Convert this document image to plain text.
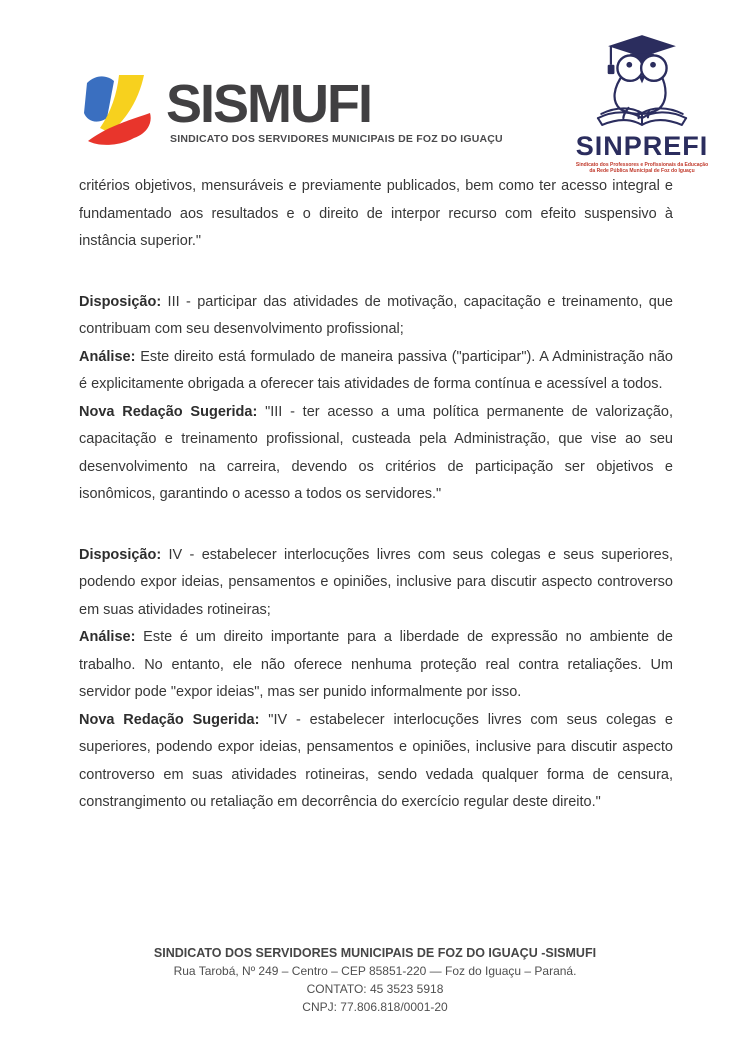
SISMUFI
SINDICATO DOS SERVIDORES MUNICIPAIS DE FOZ DO IGUAÇU	SINPREFI
Sindicato dos Professores e Profissionais da Educação
da Rede Pública Municipal de Foz do Iguaçu

critérios objetivos, mensuráveis e previamente publicados, bem como ter acesso integral e fundamentado aos resultados e o direito de interpor recurso com efeito suspensivo à instância superior."

Disposição: III - participar das atividades de motivação, capacitação e treinamento, que contribuam com seu desenvolvimento profissional;

Análise: Este direito está formulado de maneira passiva ("participar"). A Administração não é explicitamente obrigada a oferecer tais atividades de forma contínua e acessível a todos.

Nova Redação Sugerida: "III - ter acesso a uma política permanente de valorização, capacitação e treinamento profissional, custeada pela Administração, que vise ao seu desenvolvimento na carreira, devendo os critérios de participação ser objetivos e isonômicos, garantindo o acesso a todos os servidores."

Disposição: IV - estabelecer interlocuções livres com seus colegas e seus superiores, podendo expor ideias, pensamentos e opiniões, inclusive para discutir aspecto controverso em suas atividades rotineiras;

Análise: Este é um direito importante para a liberdade de expressão no ambiente de trabalho. No entanto, ele não oferece nenhuma proteção real contra retaliações. Um servidor pode "expor ideias", mas ser punido informalmente por isso.

Nova Redação Sugerida: "IV - estabelecer interlocuções livres com seus colegas e superiores, podendo expor ideias, pensamentos e opiniões, inclusive para discutir aspecto controverso em suas atividades rotineiras, sendo vedada qualquer forma de censura, constrangimento ou retaliação em decorrência do exercício regular deste direito."

SINDICATO DOS SERVIDORES MUNICIPAIS DE FOZ DO IGUAÇU -SISMUFI
Rua Tarobá, Nº 249 – Centro – CEP 85851-220 — Foz do Iguaçu – Paraná.
CONTATO: 45 3523 5918
CNPJ: 77.806.818/0001-20
